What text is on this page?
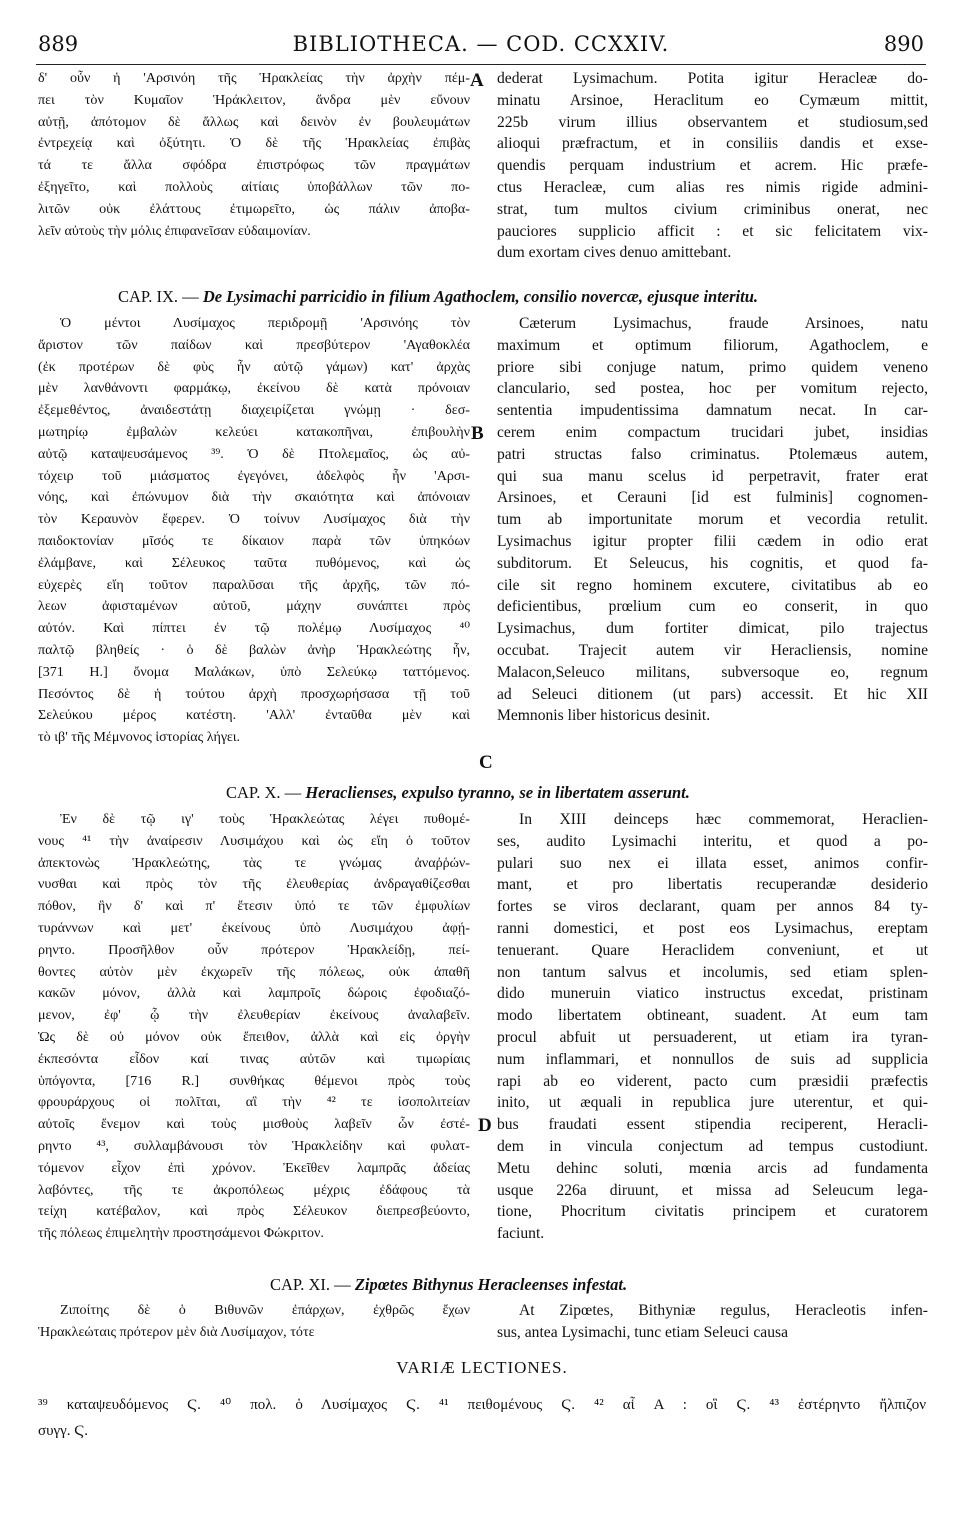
889	BIBLIOTHECA. — COD. CCXXIV.	890
δ' οὖν ἡ 'Αρσινόη τῆς Ἡρακλείας τὴν ἀρχὴν πέμ-
πει τὸν Κυμαῖον Ἡράκλειτον, ἄνδρα μὲν εὔνουν
αὐτῇ, ἀπότομον δὲ ἄλλως καὶ δεινὸν ἐν βουλευμάτων
ἐντρεχείᾳ καὶ ὀξύτητι. Ὁ δὲ τῆς Ἡρακλείας ἐπιβὰς
τά τε ἄλλα σφόδρα ἐπιστρόφως τῶν πραγμάτων
ἐξηγεῖτο, καὶ πολλοὺς αἰτίαις ὑποβάλλων τῶν πο-
λιτῶν οὐκ ἐλάττους ἐτιμωρεῖτο, ὡς πάλιν ἀποβα-
λεῖν αὐτοὺς τὴν μόλις ἐπιφανεῖσαν εὐδαιμονίαν.
dederat Lysimachum. Potita igitur Heracleæ do-
minatu Arsinoe, Heraclitum eo Cymæum mittit,
225b virum illius observantem et studiosum,sed
alioqui præfractum, et in consiliis dandis et exse-
quendis perquam industrium et acrem. Hic præfe-
ctus Heracleæ, cum alias res nimis rigide admini-
strat, tum multos civium criminibus onerat, nec
pauciores supplicio afficit : et sic felicitatem vix-
dum exortam cives denuo amittebant.
A
CAP. IX. — De Lysimachi parricidio in filium Agathoclem, consilio novercæ, ejusque interitu.
Ὁ μέντοι Λυσίμαχος περιδρομῇ 'Αρσινόης τὸν
ἄριστον τῶν παίδων καὶ πρεσβύτερον 'Αγαθοκλέα
(ἐκ προτέρων δὲ φὺς ἦν αὐτῷ γάμων) κατ' ἀρχὰς
μὲν λανθάνοντι φαρμάκῳ, ἐκείνου δὲ κατὰ πρόνοιαν
ἐξεμεθέντος, ἀναιδεστάτῃ διαχειρίζεται γνώμῃ · δεσ-
μωτηρίῳ ἐμβαλὼν κελεύει κατακοπῆναι, ἐπιβουλὴν
αὐτῷ καταψευσάμενος ³⁹. Ὁ δὲ Πτολεμαῖος, ὡς αὐ-
τόχειρ τοῦ μιάσματος ἐγεγόνει, ἀδελφὸς ἦν 'Αρσι-
νόης, καὶ ἐπώνυμον διὰ τὴν σκαιότητα καὶ ἀπόνοιαν
τὸν Κεραυνὸν ἔφερεν. Ὁ τοίνυν Λυσίμαχος διὰ τὴν
παιδοκτονίαν μῖσός τε δίκαιον παρὰ τῶν ὑπηκόων
ἐλάμβανε, καὶ Σέλευκος ταῦτα πυθόμενος, καὶ ὡς
εὐχερὲς εἴη τοῦτον παραλῦσαι τῆς ἀρχῆς, τῶν πό-
λεων ἀφισταμένων αὐτοῦ, μάχην συνάπτει πρὸς
αὐτόν. Καὶ πίπτει ἐν τῷ πολέμῳ Λυσίμαχος ⁴⁰
παλτῷ βληθείς · ὁ δὲ βαλὼν ἀνὴρ Ἡρακλεώτης ἦν,
[371 H.] ὄνομα Μαλάκων, ὑπὸ Σελεύκῳ ταττόμενος.
Πεσόντος δὲ ἡ τούτου ἀρχὴ προσχωρήσασα τῇ τοῦ
Σελεύκου μέρος κατέστη. 'Αλλ' ἐνταῦθα μὲν καὶ
τὸ ιβ' τῆς Μέμνονος ἱστορίας λήγει.
Cæterum Lysimachus, fraude Arsinoes, natu
maximum et optimum filiorum, Agathoclem, e
priore sibi conjuge natum, primo quidem veneno
clanculario, sed postea, hoc per vomitum rejecto,
sententia impudentissima damnatum necat. In car-
cerem enim compactum trucidari jubet, insidias
patri structas falso criminatus. Ptolemæus autem,
qui sua manu scelus id perpetravit, frater erat
Arsinoes, et Cerauni [id est fulminis] cognomen-
tum ab importunitate morum et vecordia retulit.
Lysimachus igitur propter filii cædem in odio erat
subditorum. Et Seleucus, his cognitis, et quod fa-
cile sit regno hominem excutere, civitatibus ab eo
deficientibus, prœlium cum eo conserit, in quo
Lysimachus, dum fortiter dimicat, pilo trajectus
occubat. Trajecit autem vir Heracliensis, nomine
Malacon,Seleuco militans, subversoque eo, regnum
ad Seleuci ditionem (ut pars) accessit. Et hic XII
Memnonis liber historicus desinit.
B
C
CAP. X. — Heraclienses, expulso tyranno, se in libertatem asserunt.
Ἐν δὲ τῷ ιγ' τοὺς Ἡρακλεώτας λέγει πυθομέ-
νους ⁴¹ τὴν ἀναίρεσιν Λυσιμάχου καὶ ὡς εἴη ὁ τοῦτον
ἀπεκτονὼς Ἡρακλεώτης, τὰς τε γνώμας ἀναῤῥών-
νυσθαι καὶ πρὸς τὸν τῆς ἐλευθερίας ἀνδραγαθίζεσθαι
πόθον, ἣν δ' καὶ π' ἔτεσιν ὑπό τε τῶν ἐμφυλίων
τυράννων καὶ μετ' ἐκείνους ὑπὸ Λυσιμάχου ἀφῄ-
ρηντο. Προσῆλθον οὖν πρότερον Ἡρακλείδῃ, πεί-
θοντες αὐτὸν μὲν ἐκχωρεῖν τῆς πόλεως, οὐκ ἀπαθῆ
κακῶν μόνον, ἀλλὰ καὶ λαμπροῖς δώροις ἐφοδιαζό-
μενον, ἐφ' ᾧ τὴν ἐλευθερίαν ἐκείνους ἀναλαβεῖν.
Ὡς δὲ οὐ μόνον οὐκ ἔπειθον, ἀλλὰ καὶ εἰς ὀργὴν
ἐκπεσόντα εἶδον καί τινας αὐτῶν καὶ τιμωρίαις
ὑπόγοντα, [716 R.] συνθήκας θέμενοι πρὸς τοὺς
φρουράρχους οἱ πολῖται, αἳ τὴν ⁴² τε ἰσοπολιτείαν
αὐτοῖς ἔνεμον καὶ τοὺς μισθοὺς λαβεῖν ὧν ἐστέ-
ρηντο ⁴³, συλλαμβάνουσι τὸν Ἡρακλείδην καὶ φυλατ-
τόμενον εἶχον ἐπὶ χρόνον. Ἐκεῖθεν λαμπρᾶς ἀδείας
λαβόντες, τῆς τε ἀκροπόλεως μέχρις ἐδάφους τὰ
τείχη κατέβαλον, καὶ πρὸς Σέλευκον διεπρεσβεύοντο,
τῆς πόλεως ἐπιμελητὴν προστησάμενοι Φώκριτον.
In XIII deinceps hæc commemorat, Heraclien-
ses, audito Lysimachi interitu, et quod a po-
pulari suo nex ei illata esset, animos confir-
mant, et pro libertatis recuperandæ desiderio
fortes se viros declarant, quam per annos 84 ty-
ranni domestici, et post eos Lysimachus, ereptam
tenuerant. Quare Heraclidem conveniunt, et ut
non tantum salvus et incolumis, sed etiam splen-
dido muneruin viatico instructus excedat, pristinam
modo libertatem obtineant, suadent. At eum tam
procul abfuit ut persuaderent, ut etiam ira tyran-
num inflammari, et nonnullos de suis ad supplicia
rapi ab eo viderent, pacto cum præsidii præfectis
inito, ut æquali in republica jure uterentur, et qui-
bus fraudati essent stipendia reciperent, Heracli-
dem in vincula conjectum ad tempus custodiunt.
Metu dehinc soluti, mœnia arcis ad fundamenta
usque 226a diruunt, et missa ad Seleucum lega-
tione, Phocritum civitatis principem et curatorem
faciunt.
D
CAP. XI. — Zipœtes Bithynus Heracleenses infestat.
Ζιποίτης δὲ ὁ Βιθυνῶν ἐπάρχων, ἐχθρῶς ἔχων
Ἡρακλεώταις πρότερον μὲν διὰ Λυσίμαχον, τότε
At Zipœtes, Bithyniæ regulus, Heracleotis infen-
sus, antea Lysimachi, tunc etiam Seleuci causa
VARIÆ LECTIONES.
³⁹ καταψευδόμενος Ϛ. ⁴⁰ πολ. ὁ Λυσίμαχος Ϛ. ⁴¹ πειθομένους Ϛ. ⁴² αἷ A : οἳ Ϛ. ⁴³ ἐστέρηντο ἤλπιζον
συγγ. Ϛ.
